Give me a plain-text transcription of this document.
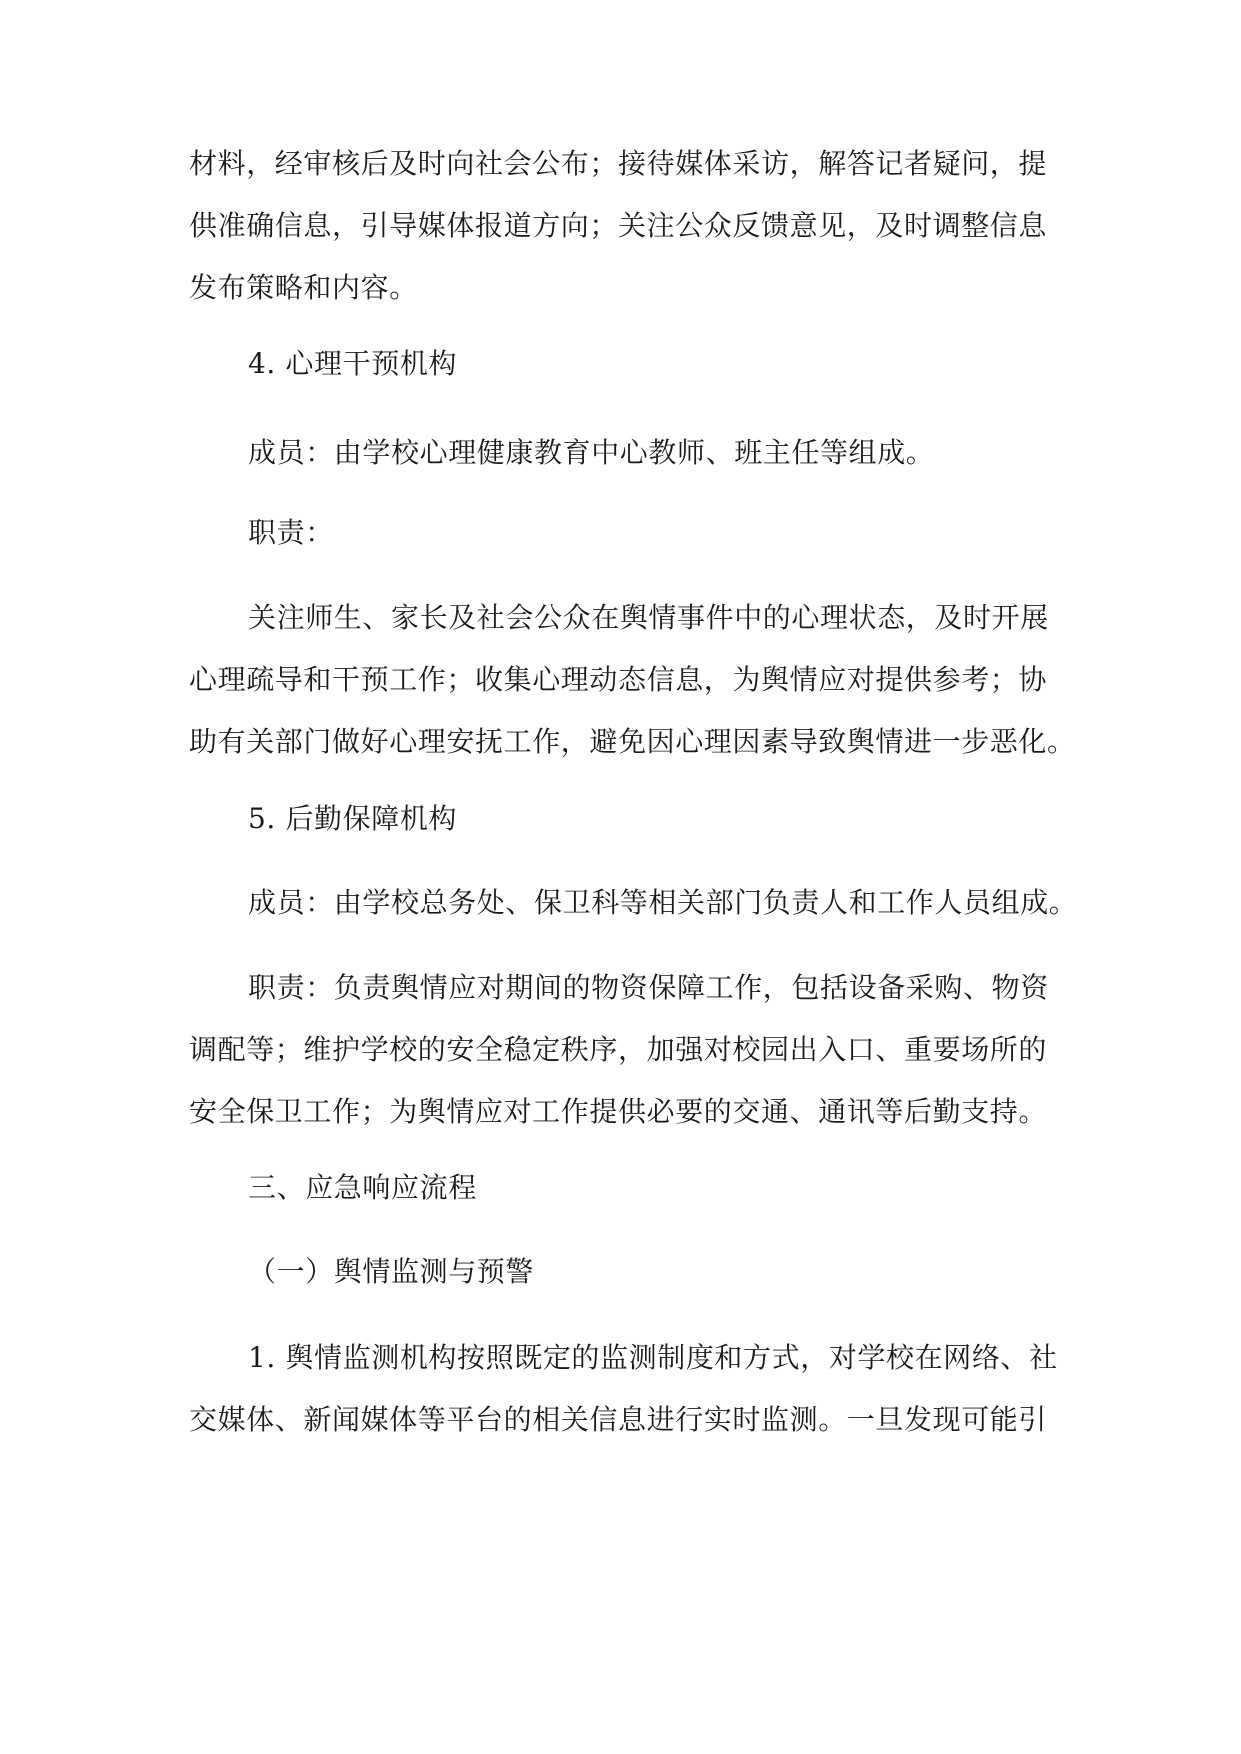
材料，经审核后及时向社会公布；接待媒体采访，解答记者疑问，提
供准确信息，引导媒体报道方向；关注公众反馈意见，及时调整信息
发布策略和内容。
4. 心理干预机构
成员：由学校心理健康教育中心教师、班主任等组成。
职责：
关注师生、家长及社会公众在舆情事件中的心理状态，及时开展
心理疏导和干预工作；收集心理动态信息，为舆情应对提供参考；协
助有关部门做好心理安抚工作，避免因心理因素导致舆情进一步恶化。
5. 后勤保障机构
成员：由学校总务处、保卫科等相关部门负责人和工作人员组成。
职责：负责舆情应对期间的物资保障工作，包括设备采购、物资
调配等；维护学校的安全稳定秩序，加强对校园出入口、重要场所的
安全保卫工作；为舆情应对工作提供必要的交通、通讯等后勤支持。
三、应急响应流程
（一）舆情监测与预警
1. 舆情监测机构按照既定的监测制度和方式，对学校在网络、社
交媒体、新闻媒体等平台的相关信息进行实时监测。一旦发现可能引
